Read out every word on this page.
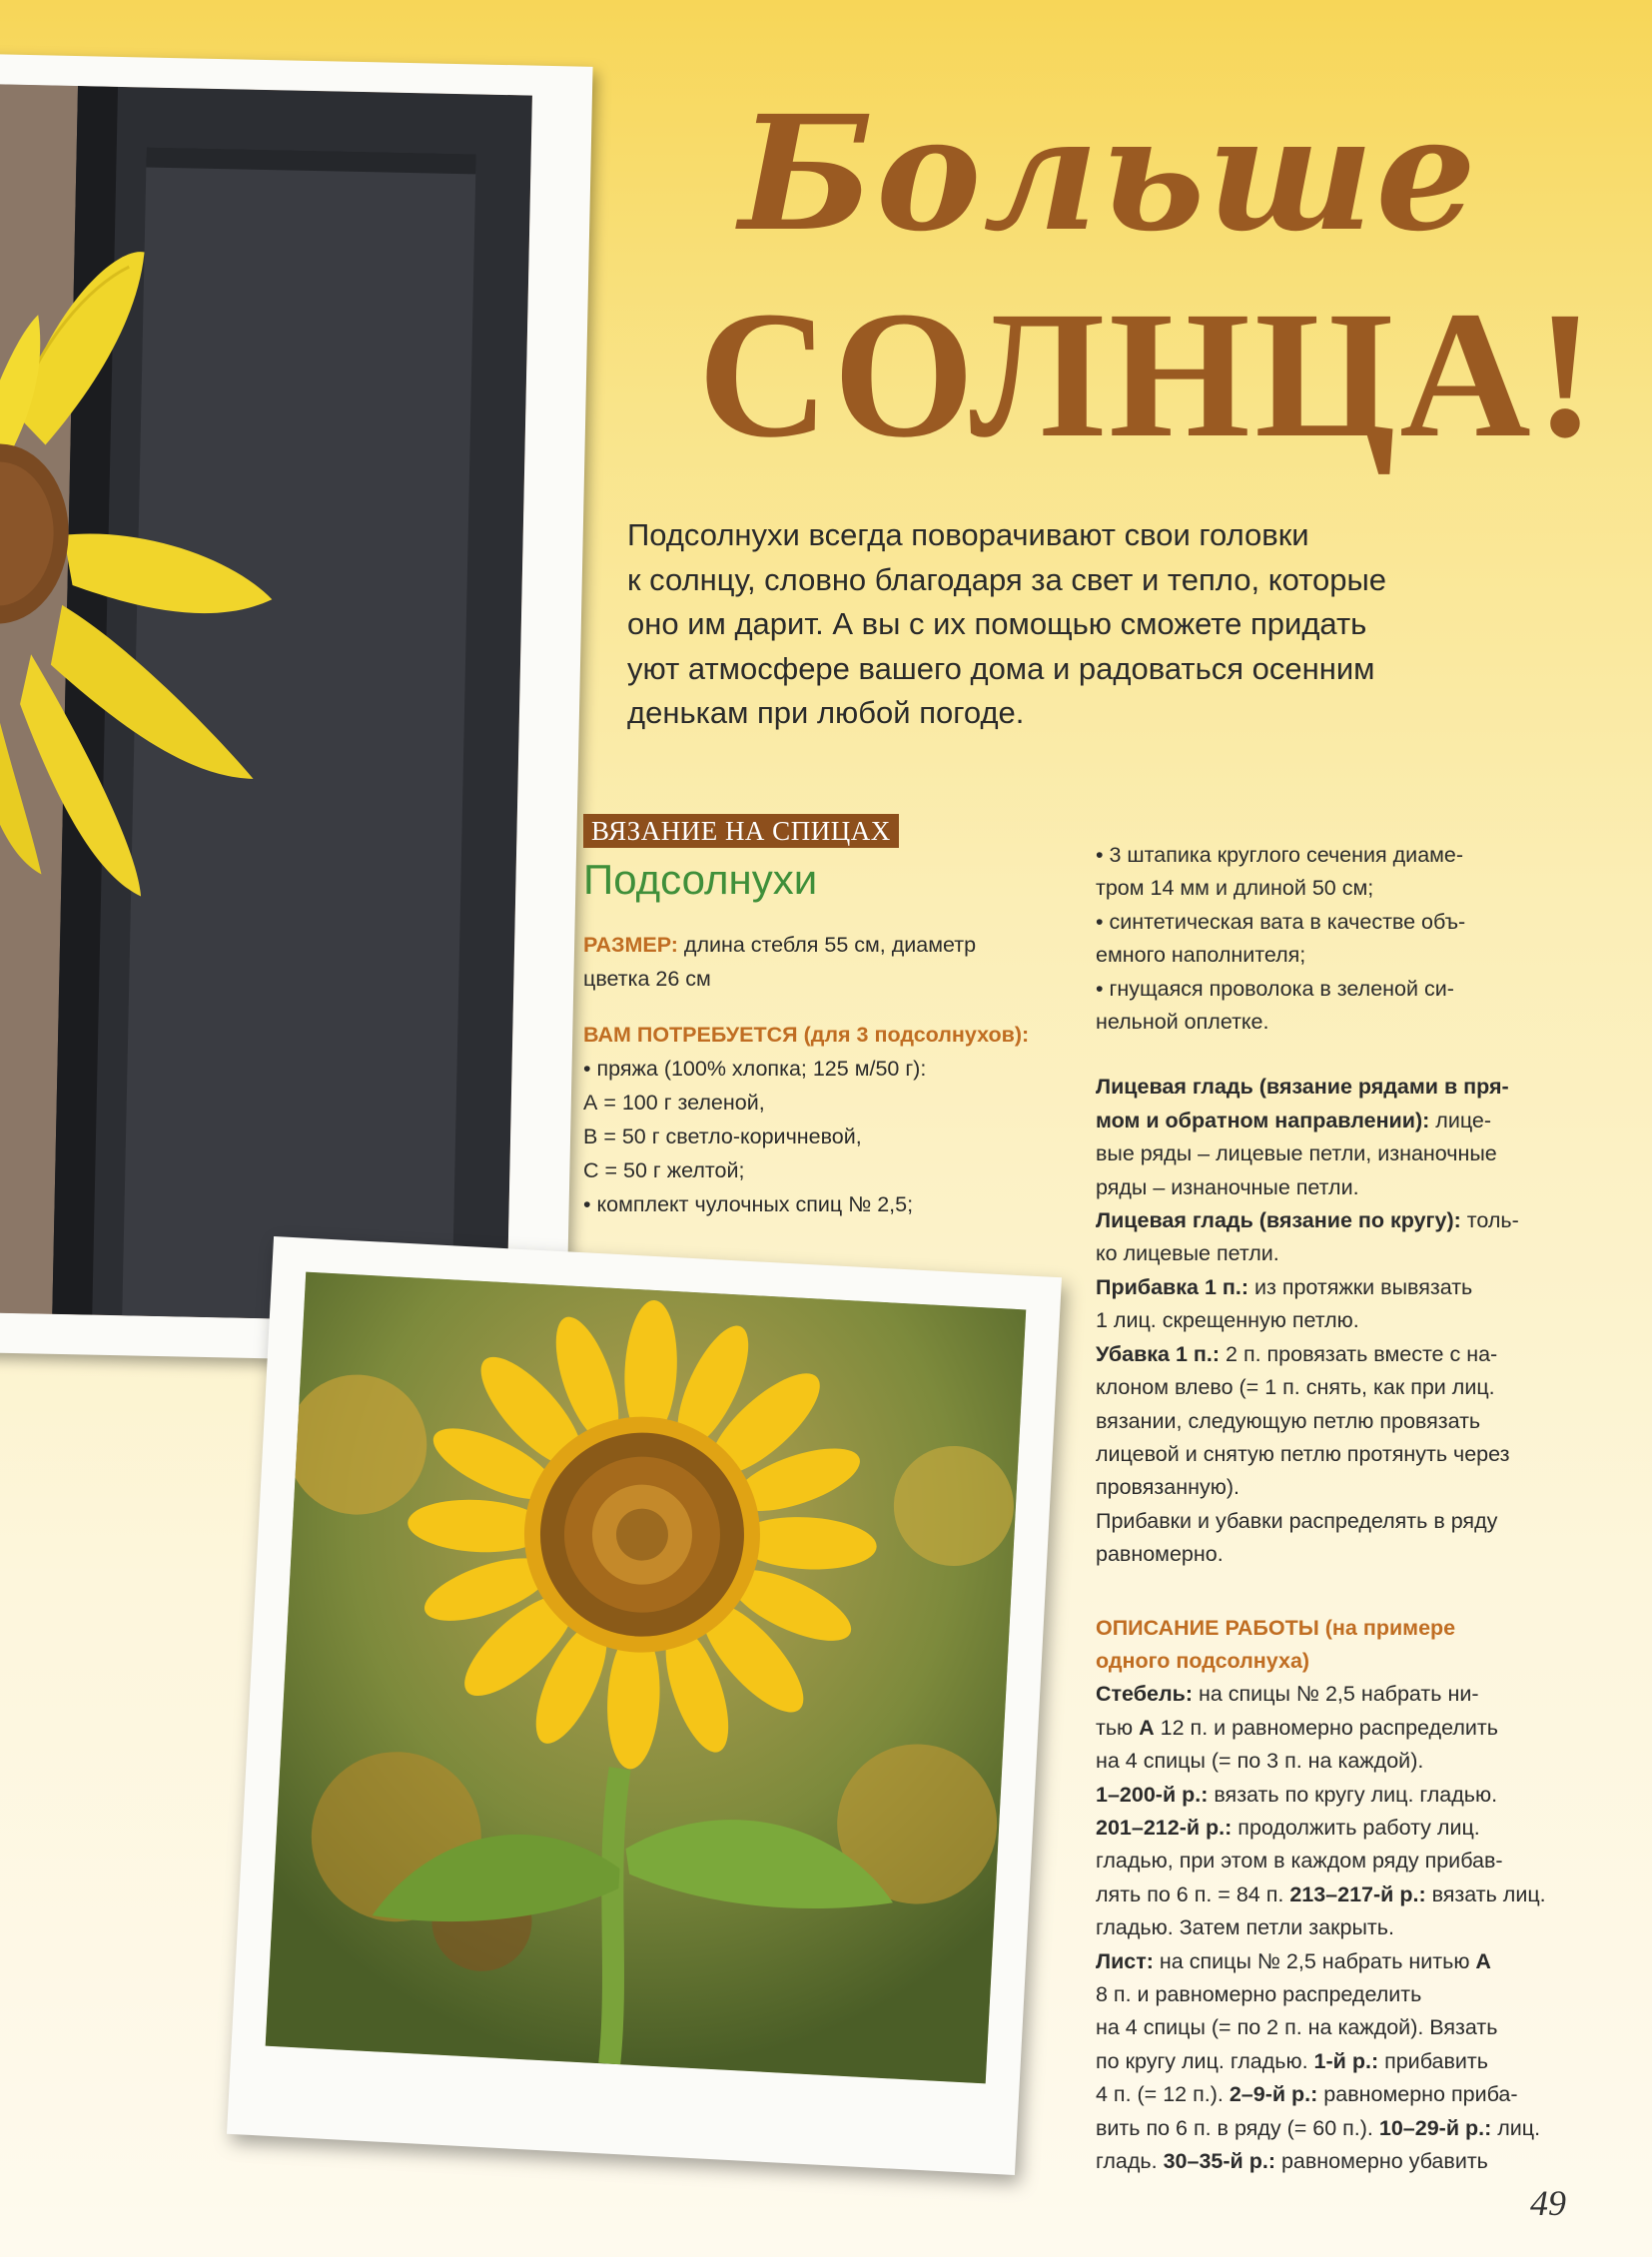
Больше
СОЛНЦА!
Подсолнухи всегда поворачивают свои головки
к солнцу, словно благодаря за свет и тепло, которые
оно им дарит. А вы с их помощью сможете придать
уют атмосфере вашего дома и радоваться осенним
денькам при любой погоде.
ВЯЗАНИЕ НА СПИЦАХ
Подсолнухи

РАЗМЕР: длина стебля 55 см, диаметр

цветка 26 см

ВАМ ПОТРЕБУЕТСЯ (для 3 подсолнухов):

• пряжа (100% хлопка; 125 м/50 г):

А = 100 г зеленой,

В = 50 г светло-коричневой,

С = 50 г желтой;

• комплект чулочных спиц № 2,5;

• 3 штапика круглого сечения диаме-

тром 14 мм и длиной 50 см;

• синтетическая вата в качестве объ-

емного наполнителя;

• гнущаяся проволока в зеленой си-

нельной оплетке.

Лицевая гладь (вязание рядами в пря-

мом и обратном направлении): лице-

вые ряды – лицевые петли, изнаночные

ряды – изнаночные петли.

Лицевая гладь (вязание по кругу): толь-

ко лицевые петли.

Прибавка 1 п.: из протяжки вывязать

1 лиц. скрещенную петлю.

Убавка 1 п.: 2 п. провязать вместе с на-

клоном влево (= 1 п. снять, как при лиц.

вязании, следующую петлю провязать

лицевой и снятую петлю протянуть через

провязанную).

Прибавки и убавки распределять в ряду

равномерно.

ОПИСАНИЕ РАБОТЫ (на примере

одного подсолнуха)

Стебель: на спицы № 2,5 набрать ни-

тью А 12 п. и равномерно распределить

на 4 спицы (= по 3 п. на каждой).

1–200-й р.: вязать по кругу лиц. гладью.

201–212-й р.: продолжить работу лиц.

гладью, при этом в каждом ряду прибав-

лять по 6 п. = 84 п. 213–217-й р.: вязать лиц.

гладью. Затем петли закрыть.

Лист: на спицы № 2,5 набрать нитью А

8 п. и равномерно распределить

на 4 спицы (= по 2 п. на каждой). Вязать

по кругу лиц. гладью. 1-й р.: прибавить

4 п. (= 12 п.). 2–9-й р.: равномерно приба-

вить по 6 п. в ряду (= 60 п.). 10–29-й р.: лиц.

гладь. 30–35-й р.: равномерно убавить

49
